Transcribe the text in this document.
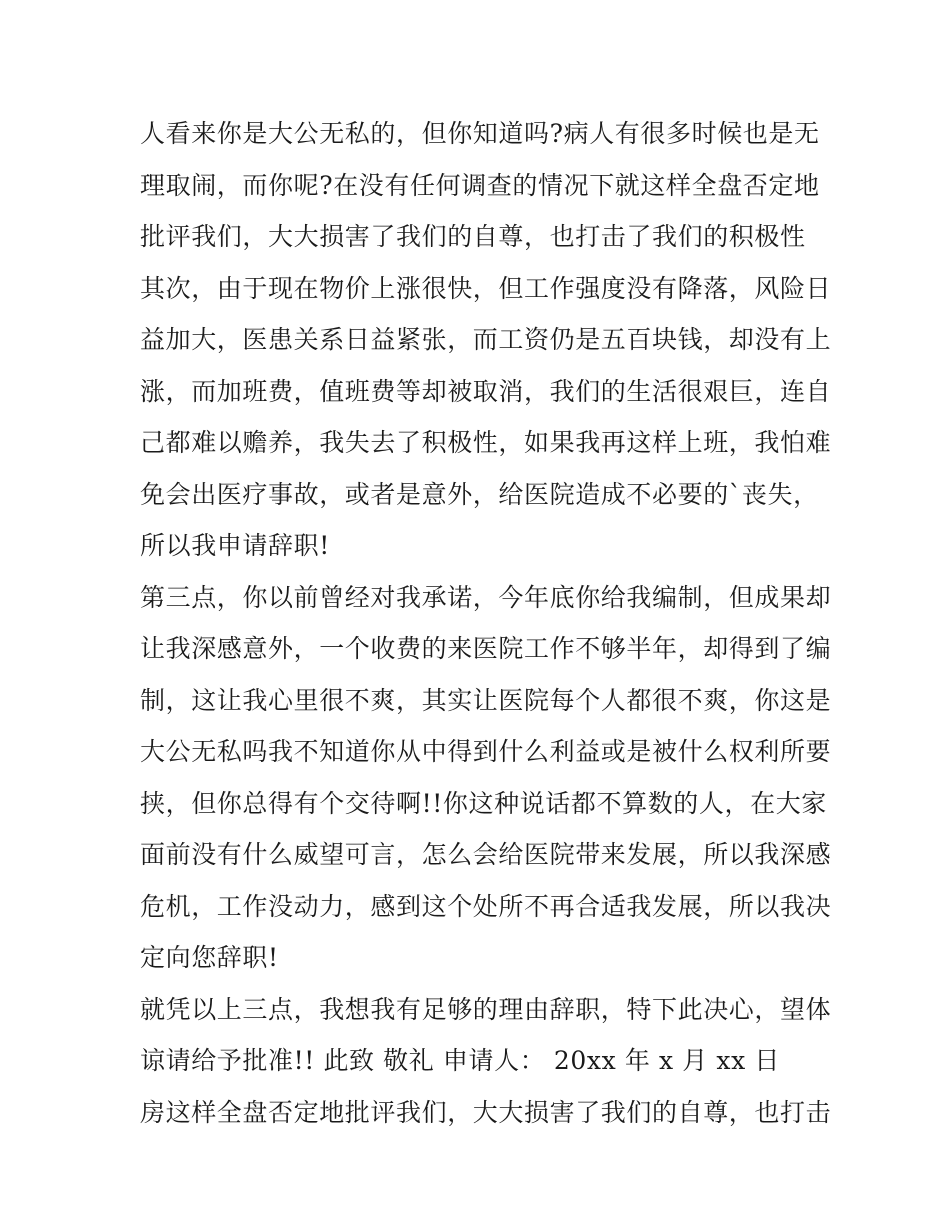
人看来你是大公无私的，但你知道吗?病人有很多时候也是无
理取闹，而你呢?在没有任何调查的情况下就这样全盘否定地
批评我们，大大损害了我们的自尊，也打击了我们的积极性
其次，由于现在物价上涨很快，但工作强度没有降落，风险日
益加大，医患关系日益紧张，而工资仍是五百块钱，却没有上
涨，而加班费，值班费等却被取消，我们的生活很艰巨，连自
己都难以赡养，我失去了积极性，如果我再这样上班，我怕难
免会出医疗事故，或者是意外，给医院造成不必要的`丧失，
所以我申请辞职!
第三点，你以前曾经对我承诺，今年底你给我编制，但成果却
让我深感意外，一个收费的来医院工作不够半年，却得到了编
制，这让我心里很不爽，其实让医院每个人都很不爽，你这是
大公无私吗我不知道你从中得到什么利益或是被什么权利所要
挟，但你总得有个交待啊!!你这种说话都不算数的人，在大家
面前没有什么威望可言，怎么会给医院带来发展，所以我深感
危机，工作没动力，感到这个处所不再合适我发展，所以我决
定向您辞职!
就凭以上三点，我想我有足够的理由辞职，特下此决心，望体
谅请给予批准!! 此致 敬礼 申请人： 20xx 年 x 月 xx 日
房这样全盘否定地批评我们，大大损害了我们的自尊，也打击
